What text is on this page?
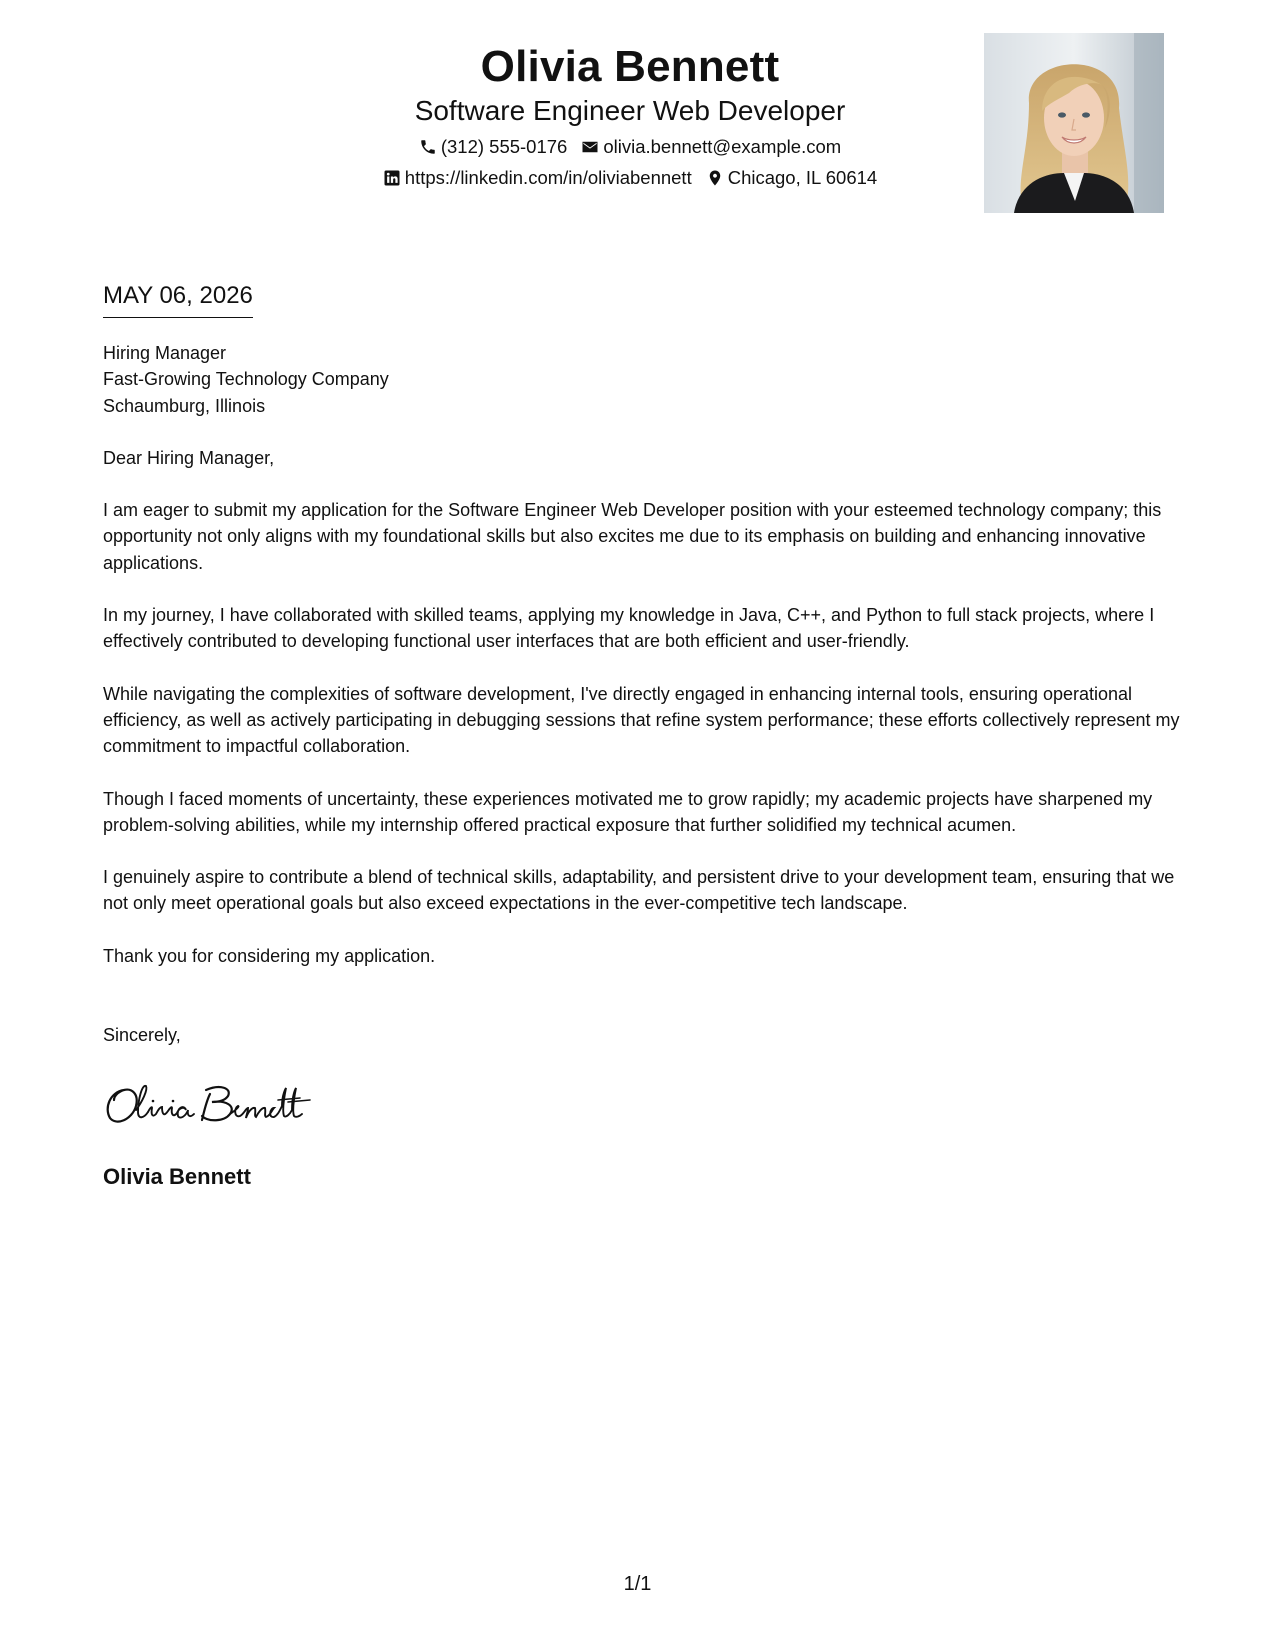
Olivia Bennett
Software Engineer Web Developer
(312) 555-0176 olivia.bennett@example.com
https://linkedin.com/in/oliviabennett Chicago, IL 60614
MAY 06, 2026
Hiring Manager
Fast-Growing Technology Company
Schaumburg, Illinois
Dear Hiring Manager,

I am eager to submit my application for the Software Engineer Web Developer position with your esteemed technology company; this opportunity not only aligns with my foundational skills but also excites me due to its emphasis on building and enhancing innovative applications.

In my journey, I have collaborated with skilled teams, applying my knowledge in Java, C++, and Python to full stack projects, where I effectively contributed to developing functional user interfaces that are both efficient and user-friendly.

While navigating the complexities of software development, I've directly engaged in enhancing internal tools, ensuring operational efficiency, as well as actively participating in debugging sessions that refine system performance; these efforts collectively represent my commitment to impactful collaboration.

Though I faced moments of uncertainty, these experiences motivated me to grow rapidly; my academic projects have sharpened my problem-solving abilities, while my internship offered practical exposure that further solidified my technical acumen.

I genuinely aspire to contribute a blend of technical skills, adaptability, and persistent drive to your development team, ensuring that we not only meet operational goals but also exceed expectations in the ever-competitive tech landscape.

Thank you for considering my application.

Sincerely,
Olivia Bennett
1/1
